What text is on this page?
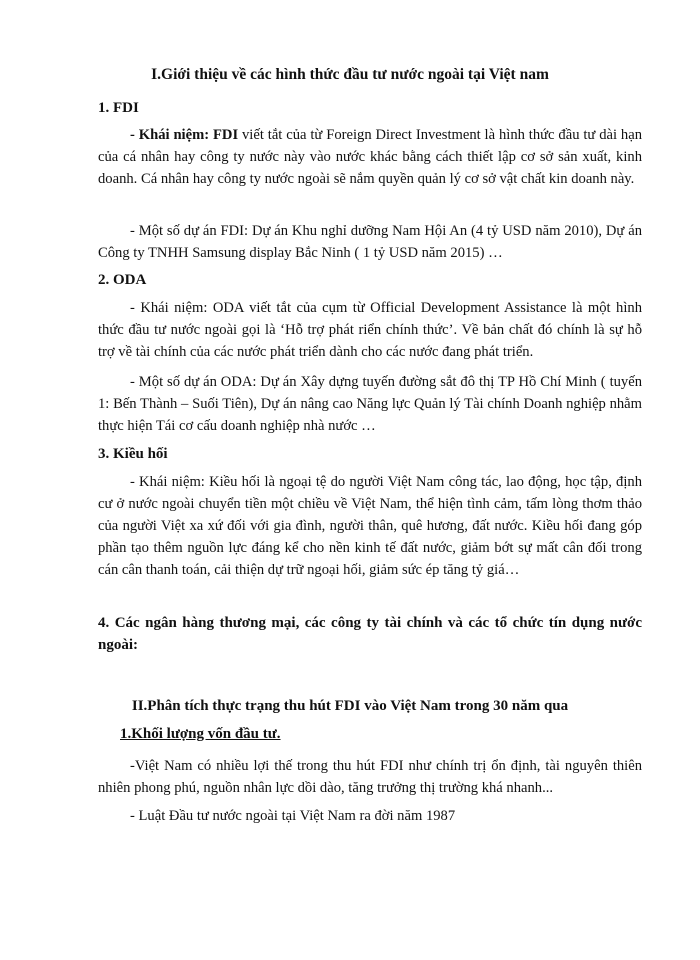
I.Giới thiệu về các hình thức đầu tư nước ngoài tại Việt nam

1. FDI

- Khái niệm: FDI viết tắt của từ Foreign Direct Investment là hình thức đầu tư dài hạn của cá nhân hay công ty nước này vào nước khác bằng cách thiết lập cơ sở sản xuất, kinh doanh. Cá nhân hay công ty nước ngoài sẽ nắm quyền quản lý cơ sở vật chất kin doanh này.

- Một số dự án FDI: Dự án Khu nghỉ dưỡng Nam Hội An (4 tỷ USD năm 2010), Dự án Công ty TNHH Samsung display Bắc Ninh ( 1 tỷ USD năm 2015) …

2. ODA

- Khái niệm: ODA viết tắt của cụm từ Official Development Assistance là một hình thức đầu tư nước ngoài gọi là ‘Hỗ trợ phát riển chính thức’. Về bản chất đó chính là sự hỗ trợ về tài chính của các nước phát triển dành cho các nước đang phát triển.

- Một số dự án ODA: Dự án Xây dựng tuyến đường sắt đô thị TP Hồ Chí Minh ( tuyến 1: Bến Thành – Suối Tiên), Dự án nâng cao Năng lực Quản lý Tài chính Doanh nghiệp nhằm thực hiện Tái cơ cấu doanh nghiệp nhà nước …

3. Kiều hối

- Khái niệm: Kiều hối là ngoại tệ do người Việt Nam công tác, lao động, học tập, định cư ở nước ngoài chuyển tiền một chiều về Việt Nam, thể hiện tình cảm, tấm lòng thơm thảo của người Việt xa xứ đối với gia đình, người thân, quê hương, đất nước. Kiều hối đang góp phần tạo thêm nguồn lực đáng kể cho nền kinh tế đất nước, giảm bớt sự mất cân đối trong cán cân thanh toán, cải thiện dự trữ ngoại hối, giảm sức ép tăng tỷ giá…

4. Các ngân hàng thương mại, các công ty tài chính và các tổ chức tín dụng nước ngoài:

II.Phân tích thực trạng thu hút FDI vào Việt Nam trong 30 năm qua

1.Khối lượng vốn đầu tư.

-Việt Nam có nhiều lợi thế trong thu hút FDI như chính trị ổn định, tài nguyên thiên nhiên phong phú, nguồn nhân lực dồi dào, tăng trưởng thị trường khá nhanh...

- Luật Đầu tư nước ngoài tại Việt Nam ra đời năm 1987
